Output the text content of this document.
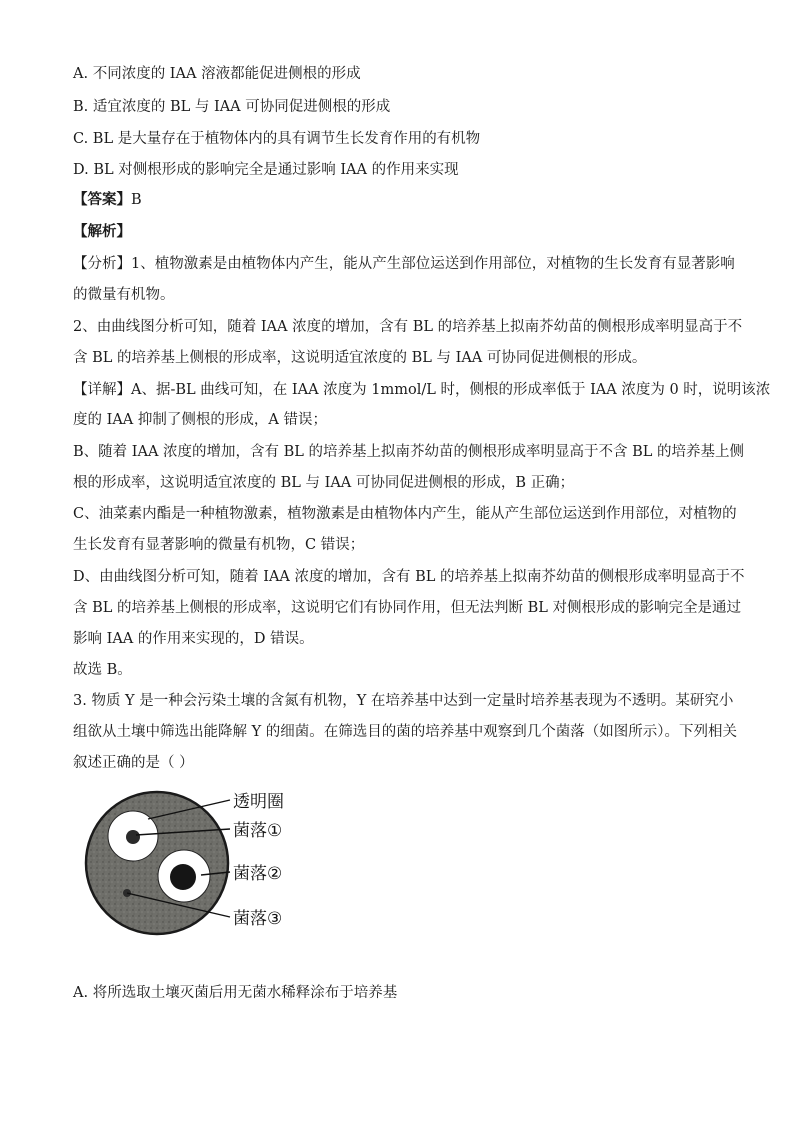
A. 不同浓度的 IAA 溶液都能促进侧根的形成
B. 适宜浓度的 BL 与 IAA 可协同促进侧根的形成
C. BL 是大量存在于植物体内的具有调节生长发育作用的有机物
D. BL 对侧根形成的影响完全是通过影响 IAA 的作用来实现
【答案】B
【解析】
【分析】1、植物激素是由植物体内产生，能从产生部位运送到作用部位，对植物的生长发育有显著影响
的微量有机物。
2、由曲线图分析可知，随着 IAA 浓度的增加，含有 BL 的培养基上拟南芥幼苗的侧根形成率明显高于不
含 BL 的培养基上侧根的形成率，这说明适宜浓度的 BL 与 IAA 可协同促进侧根的形成。
【详解】A、据-BL 曲线可知，在 IAA 浓度为 1mmol/L 时，侧根的形成率低于 IAA 浓度为 0 时，说明该浓
度的 IAA 抑制了侧根的形成，A 错误；
B、随着 IAA 浓度的增加，含有 BL 的培养基上拟南芥幼苗的侧根形成率明显高于不含 BL 的培养基上侧
根的形成率，这说明适宜浓度的 BL 与 IAA 可协同促进侧根的形成，B 正确；
C、油菜素内酯是一种植物激素，植物激素是由植物体内产生，能从产生部位运送到作用部位，对植物的
生长发育有显著影响的微量有机物，C 错误；
D、由曲线图分析可知，随着 IAA 浓度的增加，含有 BL 的培养基上拟南芥幼苗的侧根形成率明显高于不
含 BL 的培养基上侧根的形成率，这说明它们有协同作用，但无法判断 BL 对侧根形成的影响完全是通过
影响 IAA 的作用来实现的，D 错误。
故选 B。
3. 物质 Y 是一种会污染土壤的含氮有机物，Y 在培养基中达到一定量时培养基表现为不透明。某研究小
组欲从土壤中筛选出能降解 Y 的细菌。在筛选目的菌的培养基中观察到几个菌落（如图所示）。下列相关
叙述正确的是（ ）
透明圈
菌落①
菌落②
菌落③
A. 将所选取土壤灭菌后用无菌水稀释涂布于培养基
